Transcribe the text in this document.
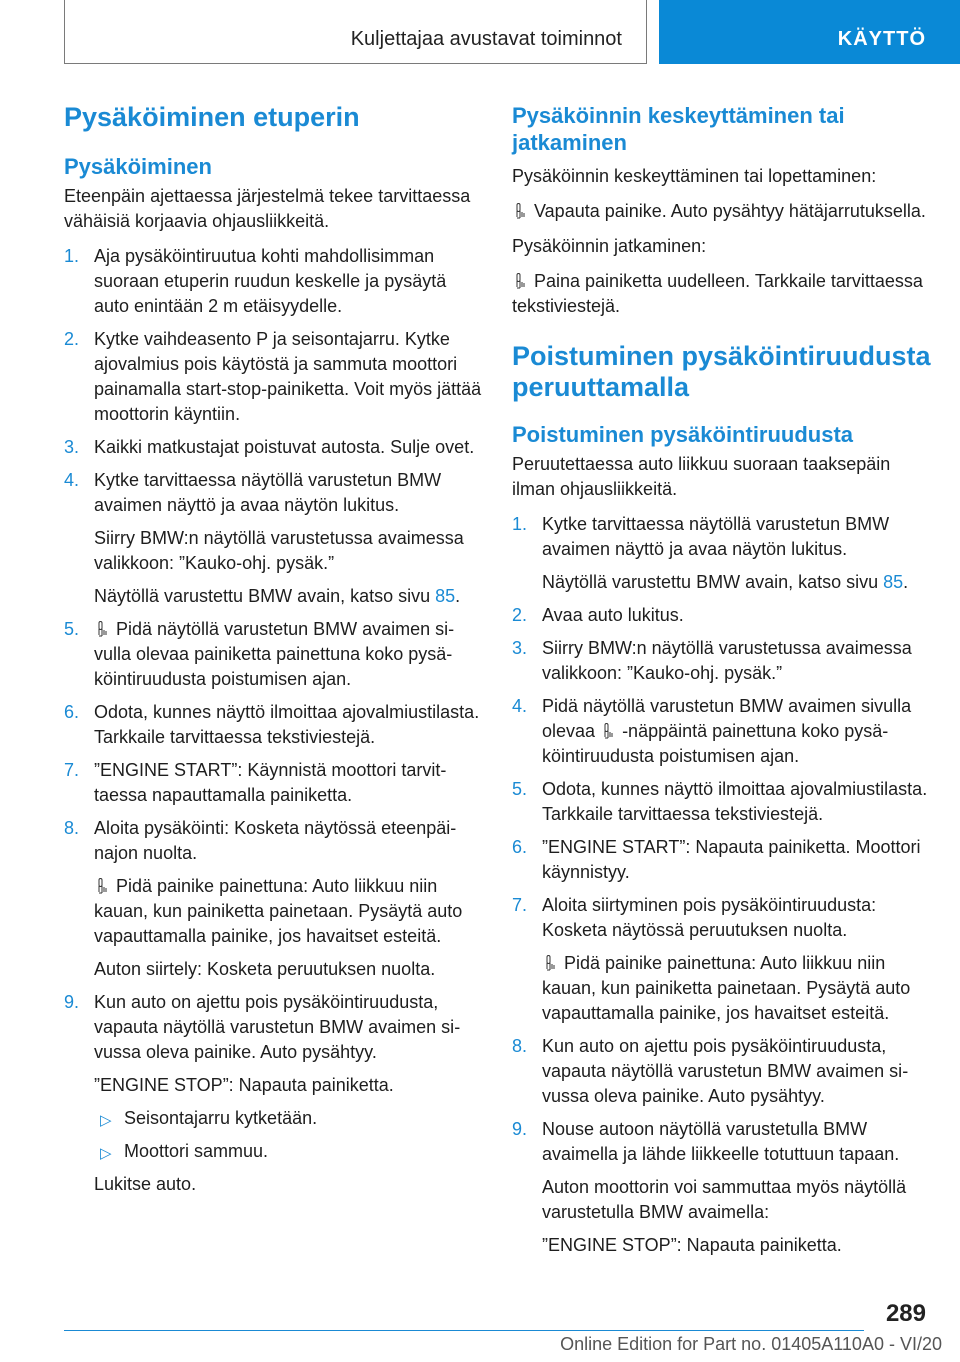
Kuljettajaa avustavat toiminnot	KÄYTTÖ
Pysäköiminen etuperin
Pysäköiminen

Eteenpäin ajettaessa järjestelmä tekee tarvittaessa vähäisiä korjaavia ohjausliikkeitä.

1. Aja pysäköintiruutua kohti mahdollisimman suoraan etuperin ruudun keskelle ja pysäytä auto enintään 2 m etäisyydelle.

2. Kytke vaihdeasento P ja seisontajarru. Kytke ajovalmius pois käytöstä ja sammuta moottori painamalla start-stop-painiketta. Voit myös jättää moottorin käyntiin.

3. Kaikki matkustajat poistuvat autosta. Sulje ovet.

4. Kytke tarvittaessa näytöllä varustetun BMW avaimen näyttö ja avaa näytön lukitus.

Siirry BMW:n näytöllä varustetussa avaimessa valikkoon: ”Kauko-ohj. pysäk.”

Näytöllä varustettu BMW avain, katso sivu 85.

5.	Pidä näytöllä varustetun BMW avaimen sivulla olevaa painiketta painettuna koko pysäköintiruudusta poistumisen ajan.

6. Odota, kunnes näyttö ilmoittaa ajovalmiustilasta. Tarkkaile tarvittaessa tekstiviestejä.

7. ”ENGINE START”: Käynnistä moottori tarvittaessa napauttamalla painiketta.

8. Aloita pysäköinti: Kosketa näytössä eteenpäinajon nuolta.

Pidä painike painettuna: Auto liikkuu niin kauan, kun painiketta painetaan. Pysäytä auto vapauttamalla painike, jos havaitset esteitä.

Auton siirtely: Kosketa peruutuksen nuolta.

9. Kun auto on ajettu pois pysäköintiruudusta, vapauta näytöllä varustetun BMW avaimen sivussa oleva painike. Auto pysähtyy.

”ENGINE STOP”: Napauta painiketta.

▷ Seisontajarru kytketään.
▷ Moottori sammuu.

Lukitse auto.

Pysäköinnin keskeyttäminen tai jatkaminen

Pysäköinnin keskeyttäminen tai lopettaminen:

Vapauta painike. Auto pysähtyy hätäjarrutuksella.

Pysäköinnin jatkaminen:

Paina painiketta uudelleen. Tarkkaile tarvittaessa tekstiviestejä.

Poistuminen pysäköintiruudusta peruuttamalla
Poistuminen pysäköintiruudusta

Peruutettaessa auto liikkuu suoraan taaksepäin ilman ohjausliikkeitä.

1. Kytke tarvittaessa näytöllä varustetun BMW avaimen näyttö ja avaa näytön lukitus.

Näytöllä varustettu BMW avain, katso sivu 85.

2. Avaa auto lukitus.

3. Siirry BMW:n näytöllä varustetussa avaimessa valikkoon: ”Kauko-ohj. pysäk.”

4. Pidä näytöllä varustetun BMW avaimen sivulla olevaa -näppäintä painettuna koko pysäköintiruudusta poistumisen ajan.

5. Odota, kunnes näyttö ilmoittaa ajovalmiustilasta. Tarkkaile tarvittaessa tekstiviestejä.

6. ”ENGINE START”: Napauta painiketta. Moottori käynnistyy.

7. Aloita siirtyminen pois pysäköintiruudusta: Kosketa näytössä peruutuksen nuolta.

Pidä painike painettuna: Auto liikkuu niin kauan, kun painiketta painetaan. Pysäytä auto vapauttamalla painike, jos havaitset esteitä.

8. Kun auto on ajettu pois pysäköintiruudusta, vapauta näytöllä varustetun BMW avaimen sivussa oleva painike. Auto pysähtyy.

9. Nouse autoon näytöllä varustetulla BMW avaimella ja lähde liikkeelle totuttuun tapaan.

Auton moottorin voi sammuttaa myös näytöllä varustetulla BMW avaimella:

”ENGINE STOP”: Napauta painiketta.

289
Online Edition for Part no. 01405A110A0 - VI/20
